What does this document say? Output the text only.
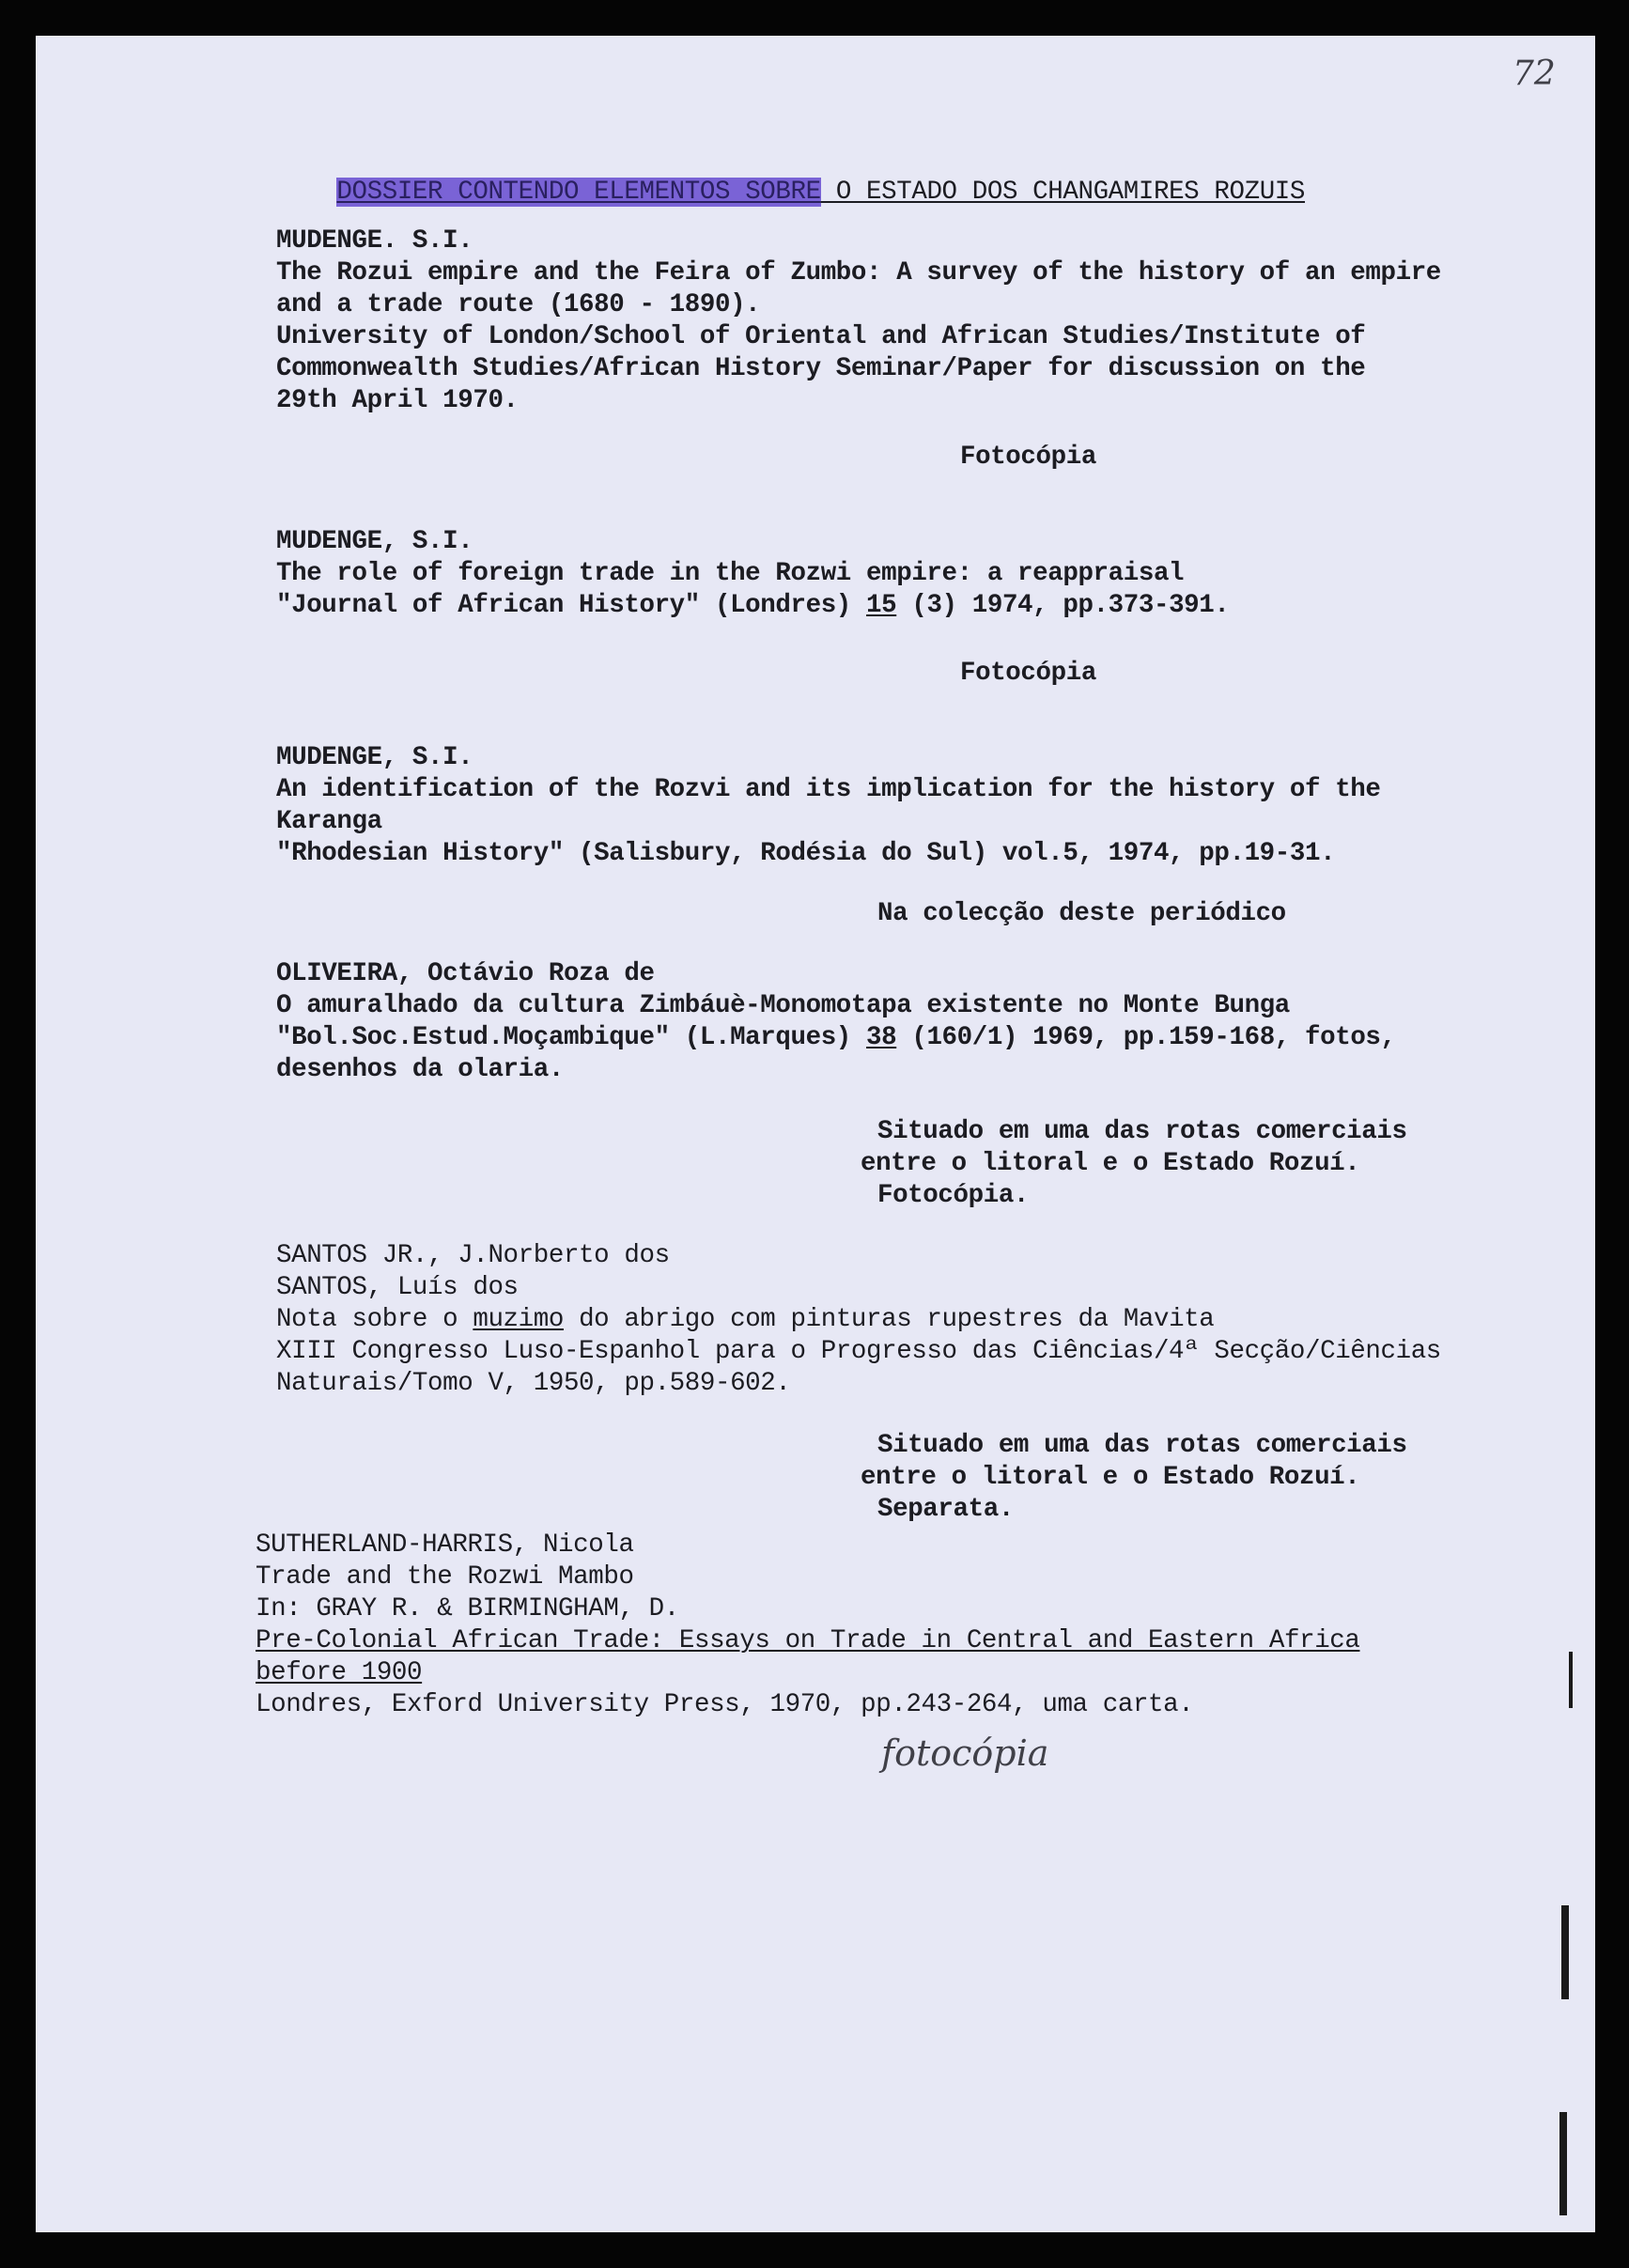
72

DOSSIER CONTENDO ELEMENTOS SOBRE O ESTADO DOS CHANGAMIRES ROZUIS

MUDENGE. S.I.
The Rozui empire and the Feira of Zumbo: A survey of the history of an empire
and a trade route (1680 - 1890).
University of London/School of Oriental and African Studies/Institute of
Commonwealth Studies/African History Seminar/Paper for discussion on the
29th April 1970.
Fotocópia
MUDENGE, S.I.
The role of foreign trade in the Rozwi empire: a reappraisal
"Journal of African History" (Londres) 15 (3) 1974, pp.373-391.
Fotocópia
MUDENGE, S.I.
An identification of the Rozvi and its implication for the history of the
Karanga
"Rhodesian History" (Salisbury, Rodésia do Sul) vol.5, 1974, pp.19-31.
Na colecção deste periódico
OLIVEIRA, Octávio Roza de
O amuralhado da cultura Zimbáuè-Monomotapa existente no Monte Bunga
"Bol.Soc.Estud.Moçambique" (L.Marques) 38 (160/1) 1969, pp.159-168, fotos,
desenhos da olaria.
Situado em uma das rotas comerciais
entre o litoral e o Estado Rozuí.
Fotocópia.
SANTOS JR., J.Norberto dos
SANTOS, Luís dos
Nota sobre o muzimo do abrigo com pinturas rupestres da Mavita
XIII Congresso Luso-Espanhol para o Progresso das Ciências/4ª Secção/Ciências
Naturais/Tomo V, 1950, pp.589-602.
Situado em uma das rotas comerciais
entre o litoral e o Estado Rozuí.
Separata.
SUTHERLAND-HARRIS, Nicola
Trade and the Rozwi Mambo
In: GRAY R. & BIRMINGHAM, D.
Pre-Colonial African Trade: Essays on Trade in Central and Eastern Africa
before 1900
Londres, Exford University Press, 1970, pp.243-264, uma carta.
fotocópia
